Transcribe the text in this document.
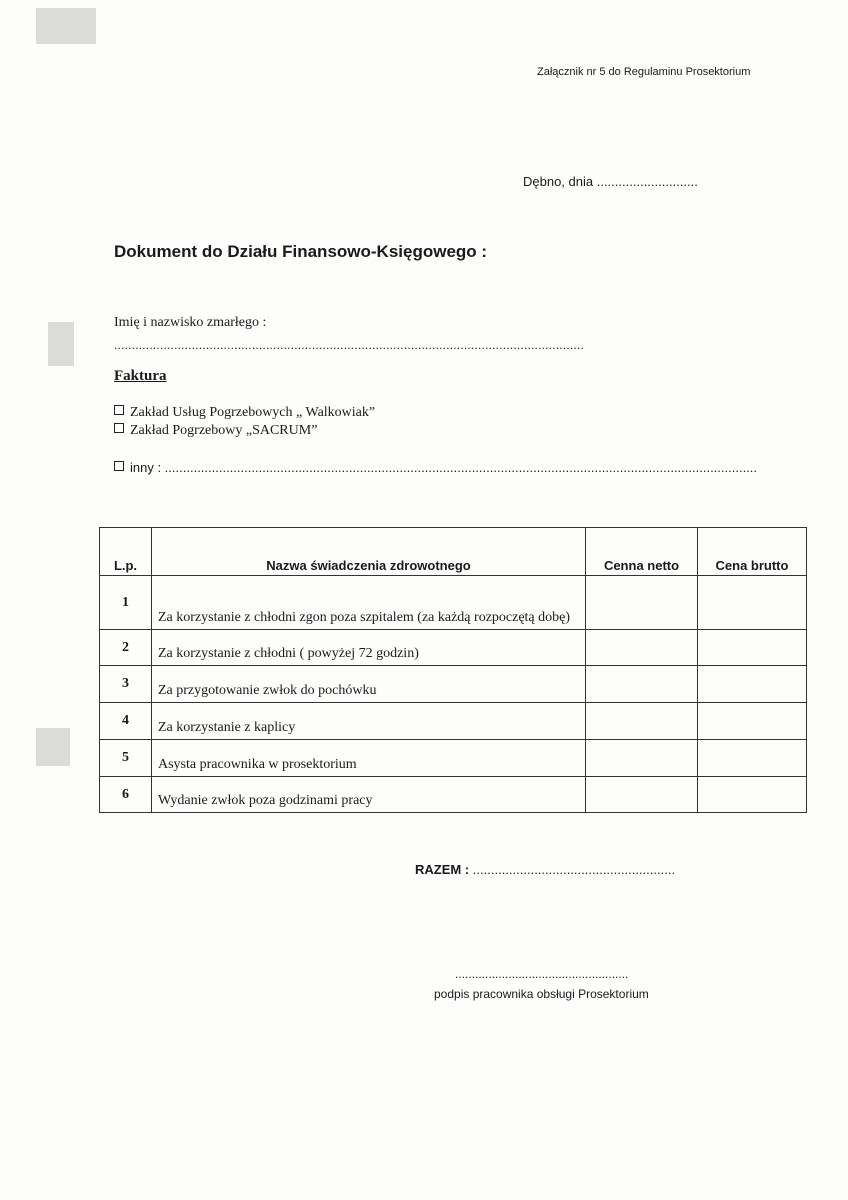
Załącznik nr 5 do Regulaminu Prosektorium
Dębno, dnia ............................
Dokument do Działu Finansowo-Księgowego :
Imię i nazwisko zmarłego :
.....................................................................................................................................
Faktura
Zakład Usług Pogrzebowych „ Walkowiak”
Zakład Pogrzebowy „SACRUM”
inny : ....................................................................................................................................................................
L.p.	Nazwa świadczenia zdrowotnego	Cenna netto	Cena brutto
1	Za korzystanie z chłodni zgon poza szpitalem (za każdą rozpoczętą dobę)		
2	Za korzystanie z chłodni ( powyżej 72 godzin)		
3	Za przygotowanie zwłok do pochówku		
4	Za korzystanie z kaplicy		
5	Asysta pracownika w prosektorium		
6	Wydanie zwłok poza godzinami pracy		
RAZEM : ........................................................
....................................................
podpis pracownika obsługi Prosektorium
